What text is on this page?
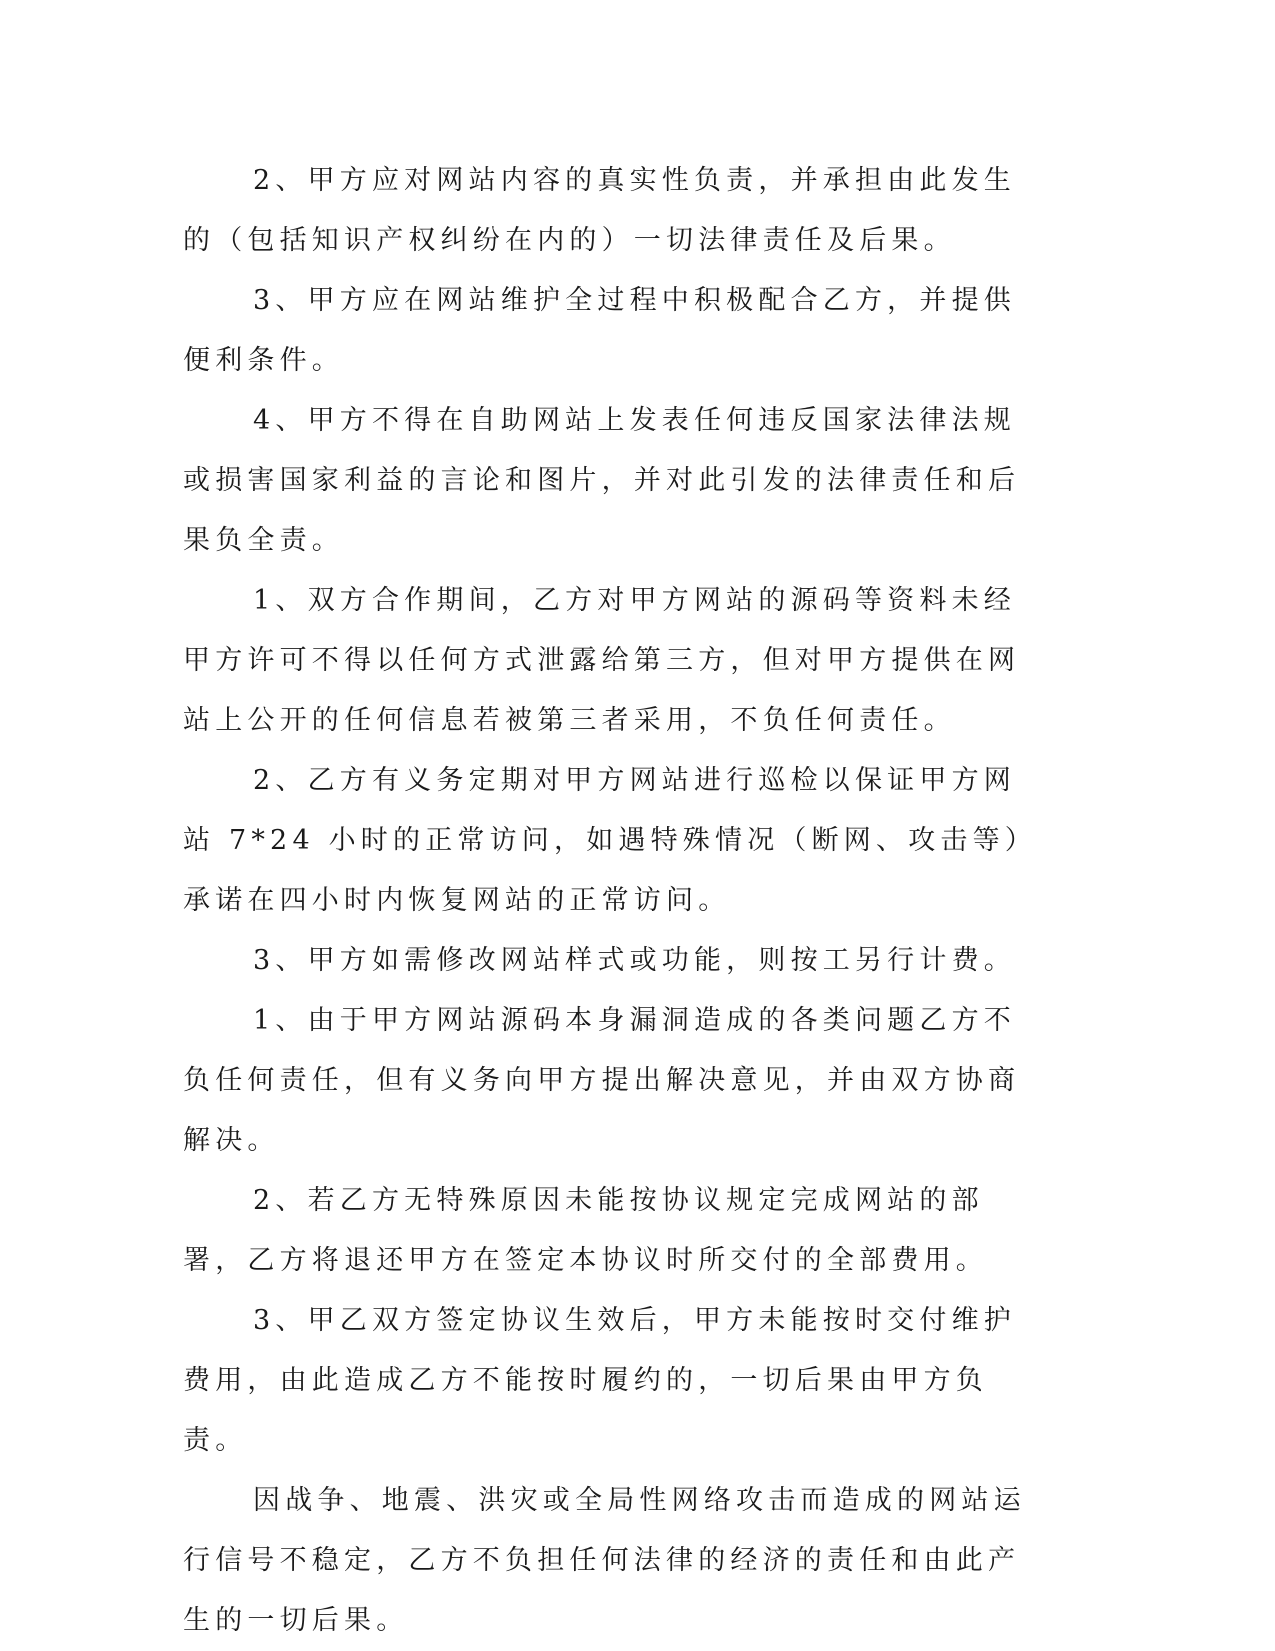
2、甲方应对网站内容的真实性负责，并承担由此发生的（包括知识产权纠纷在内的）一切法律责任及后果。

3、甲方应在网站维护全过程中积极配合乙方，并提供便利条件。

4、甲方不得在自助网站上发表任何违反国家法律法规或损害国家利益的言论和图片，并对此引发的法律责任和后果负全责。

1、双方合作期间，乙方对甲方网站的源码等资料未经甲方许可不得以任何方式泄露给第三方，但对甲方提供在网站上公开的任何信息若被第三者采用，不负任何责任。

2、乙方有义务定期对甲方网站进行巡检以保证甲方网站 7*24 小时的正常访问，如遇特殊情况（断网、攻击等）承诺在四小时内恢复网站的正常访问。

3、甲方如需修改网站样式或功能，则按工另行计费。

1、由于甲方网站源码本身漏洞造成的各类问题乙方不负任何责任，但有义务向甲方提出解决意见，并由双方协商解决。

2、若乙方无特殊原因未能按协议规定完成网站的部署，乙方将退还甲方在签定本协议时所交付的全部费用。

3、甲乙双方签定协议生效后，甲方未能按时交付维护费用，由此造成乙方不能按时履约的，一切后果由甲方负责。

因战争、地震、洪灾或全局性网络攻击而造成的网站运行信号不稳定，乙方不负担任何法律的经济的责任和由此产生的一切后果。
